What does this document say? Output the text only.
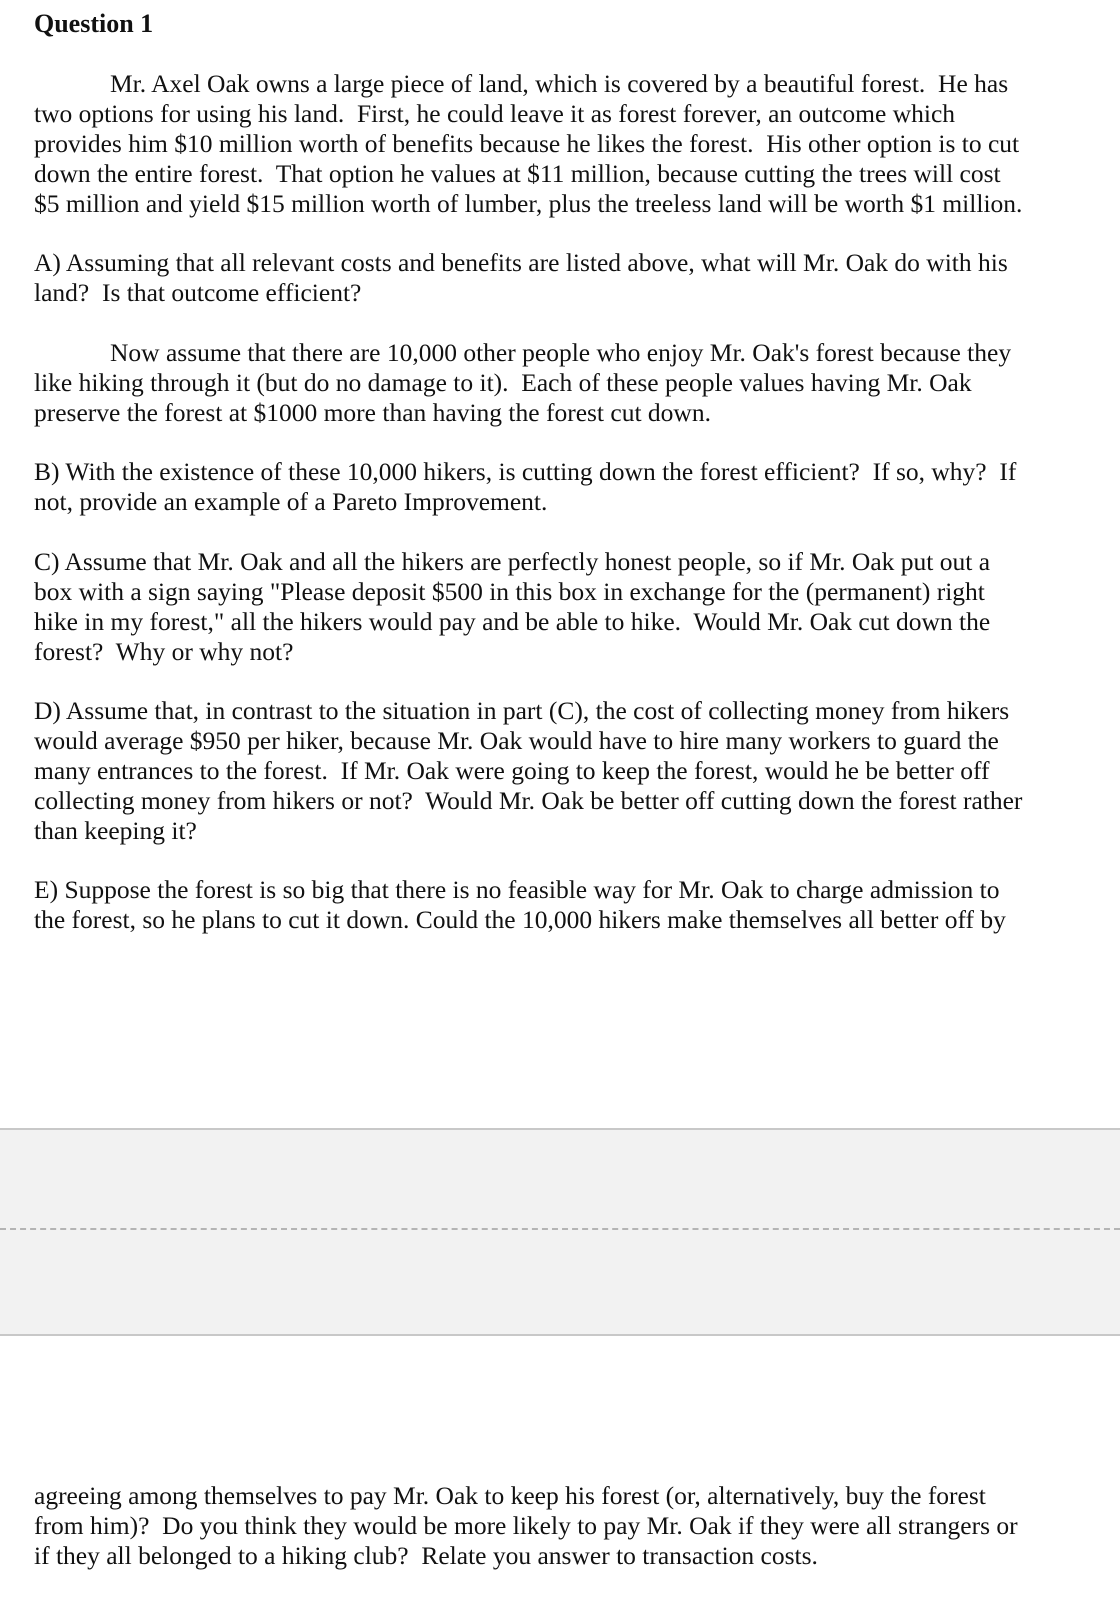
Question 1

Mr. Axel Oak owns a large piece of land, which is covered by a beautiful forest.  He has
two options for using his land.  First, he could leave it as forest forever, an outcome which
provides him $10 million worth of benefits because he likes the forest.  His other option is to cut
down the entire forest.  That option he values at $11 million, because cutting the trees will cost
$5 million and yield $15 million worth of lumber, plus the treeless land will be worth $1 million.

A) Assuming that all relevant costs and benefits are listed above, what will Mr. Oak do with his
land?  Is that outcome efficient?

Now assume that there are 10,000 other people who enjoy Mr. Oak's forest because they
like hiking through it (but do no damage to it).  Each of these people values having Mr. Oak
preserve the forest at $1000 more than having the forest cut down.

B) With the existence of these 10,000 hikers, is cutting down the forest efficient?  If so, why?  If
not, provide an example of a Pareto Improvement.

C) Assume that Mr. Oak and all the hikers are perfectly honest people, so if Mr. Oak put out a
box with a sign saying "Please deposit $500 in this box in exchange for the (permanent) right
hike in my forest," all the hikers would pay and be able to hike.  Would Mr. Oak cut down the
forest?  Why or why not?

D) Assume that, in contrast to the situation in part (C), the cost of collecting money from hikers
would average $950 per hiker, because Mr. Oak would have to hire many workers to guard the
many entrances to the forest.  If Mr. Oak were going to keep the forest, would he be better off
collecting money from hikers or not?  Would Mr. Oak be better off cutting down the forest rather
than keeping it?

E) Suppose the forest is so big that there is no feasible way for Mr. Oak to charge admission to
the forest, so he plans to cut it down. Could the 10,000 hikers make themselves all better off by

agreeing among themselves to pay Mr. Oak to keep his forest (or, alternatively, buy the forest
from him)?  Do you think they would be more likely to pay Mr. Oak if they were all strangers or
if they all belonged to a hiking club?  Relate you answer to transaction costs.
